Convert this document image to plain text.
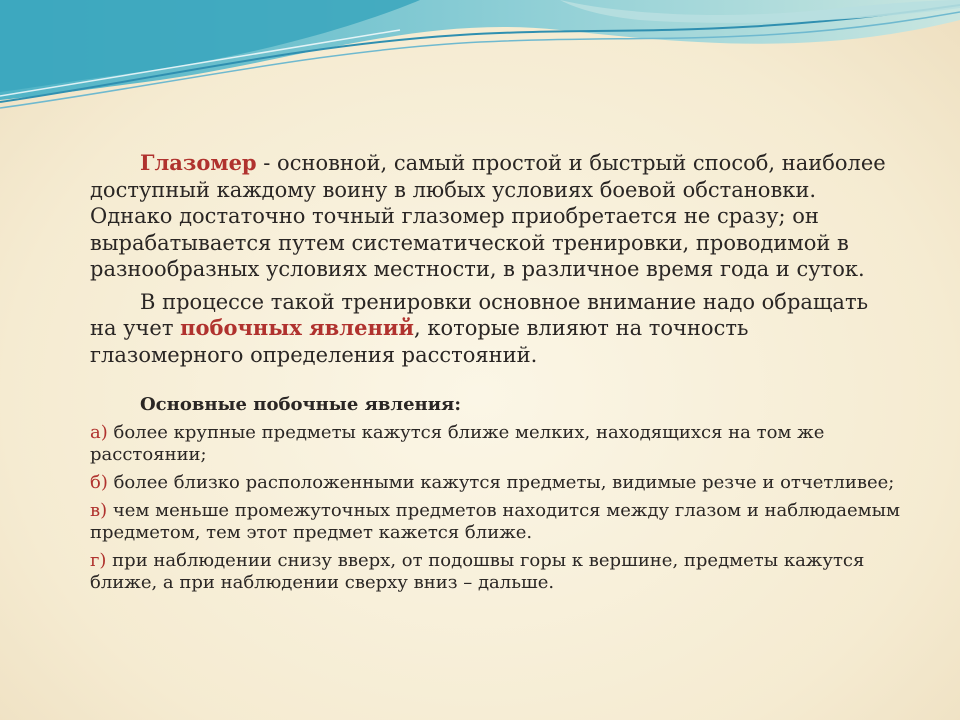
Глазомер - основной, самый простой и быстрый способ, наиболее доступный каждому воину в любых условиях боевой обстановки. Однако достаточно точный глазомер приобретается не сразу; он вырабатывается путем систематической тренировки, проводимой в разнообразных условиях местности, в различное время года и суток.

В процессе такой тренировки основное внимание надо обращать на учет побочных явлений, которые влияют на точность глазомерного определения расстояний.

Основные побочные явления:
а) более крупные предметы кажутся ближе мелких, находящихся на том же расстоянии;
б) более близко расположенными кажутся предметы, видимые резче и отчетливее;
в) чем меньше промежуточных предметов находится между глазом и наблюдаемым предметом, тем этот предмет кажется ближе.
г) при наблюдении снизу вверх, от подошвы горы к вершине, предметы кажутся ближе, а при наблюдении сверху вниз – дальше.
